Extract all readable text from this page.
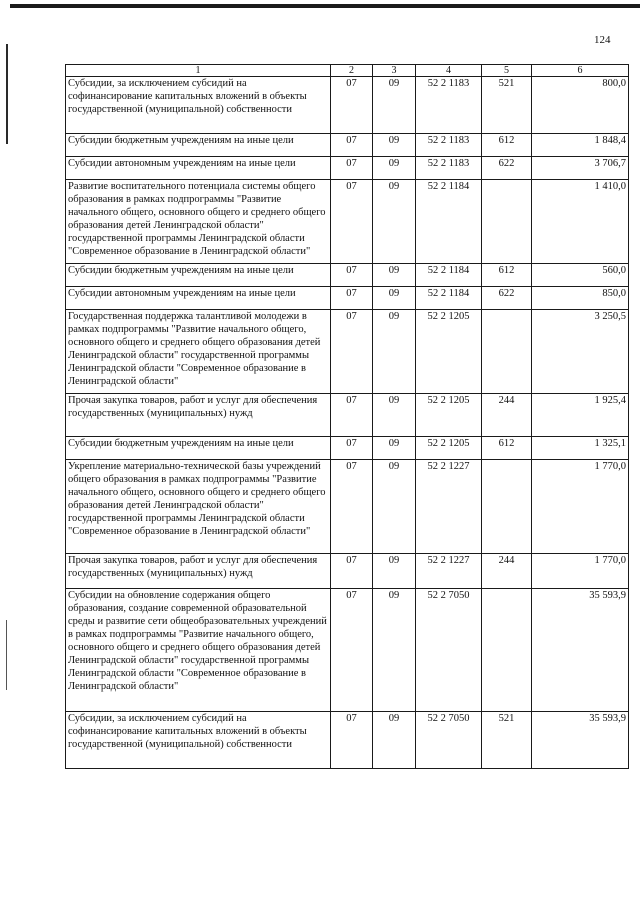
124
1	2	3	4	5	6
Субсидии, за исключением субсидий на софинансирование капитальных вложений в объекты государственной (муниципальной) собственности	07	09	52 2 1183	521	800,0
Субсидии бюджетным учреждениям на иные цели	07	09	52 2 1183	612	1 848,4
Субсидии автономным учреждениям на иные цели	07	09	52 2 1183	622	3 706,7
Развитие воспитательного потенциала системы общего образования в рамках подпрограммы "Развитие начального общего, основного общего и среднего общего образования детей Ленинградской области" государственной программы Ленинградской области "Современное образование в Ленинградской области"	07	09	52 2 1184		1 410,0
Субсидии бюджетным учреждениям на иные цели	07	09	52 2 1184	612	560,0
Субсидии автономным учреждениям на иные цели	07	09	52 2 1184	622	850,0
Государственная поддержка талантливой молодежи в рамках подпрограммы "Развитие начального общего, основного общего и среднего общего образования детей Ленинградской области" государственной программы Ленинградской области "Современное образование в Ленинградской области"	07	09	52 2 1205		3 250,5
Прочая закупка товаров, работ и услуг для обеспечения государственных (муниципальных) нужд	07	09	52 2 1205	244	1 925,4
Субсидии бюджетным учреждениям на иные цели	07	09	52 2 1205	612	1 325,1
Укрепление материально-технической базы учреждений общего образования в рамках подпрограммы "Развитие начального общего, основного общего и среднего общего образования детей Ленинградской области" государственной программы Ленинградской области "Современное образование в Ленинградской области"	07	09	52 2 1227		1 770,0
Прочая закупка товаров, работ и услуг для обеспечения государственных (муниципальных) нужд	07	09	52 2 1227	244	1 770,0
Субсидии на обновление содержания общего образования, создание современной образовательной среды и развитие сети общеобразовательных учреждений в рамках подпрограммы "Развитие начального общего, основного общего и среднего общего образования детей Ленинградской области" государственной программы Ленинградской области "Современное образование в Ленинградской области"	07	09	52 2 7050		35 593,9
Субсидии, за исключением субсидий на софинансирование капитальных вложений в объекты государственной (муниципальной) собственности	07	09	52 2 7050	521	35 593,9
